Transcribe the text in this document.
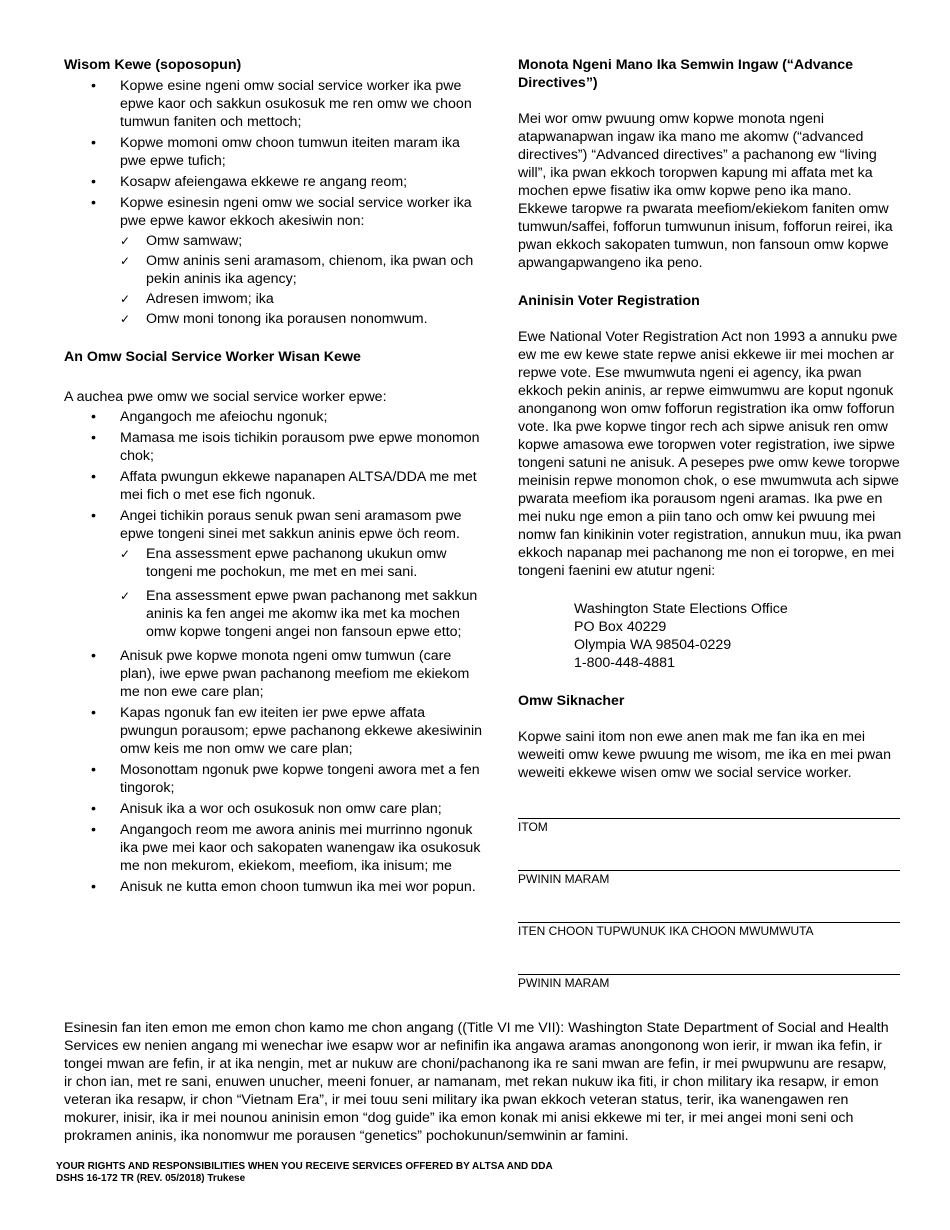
Wisom Kewe (soposopun)
• Kopwe esine ngeni omw social service worker ika pwe epwe kaor och sakkun osukosuk me ren omw we choon tumwun faniten och mettoch;
• Kopwe momoni omw choon tumwun iteiten maram ika pwe epwe tufich;
• Kosapw afeiengawa ekkewe re angang reom;
• Kopwe esinesin ngeni omw we social service worker ika pwe epwe kawor ekkoch akesiwin non:
✓ Omw samwaw;
✓ Omw aninis seni aramasom, chienom, ika pwan och pekin aninis ika agency;
✓ Adresen imwom; ika
✓ Omw moni tonong ika porausen nonomwum.
An Omw Social Service Worker Wisan Kewe

A auchea pwe omw we social service worker epwe:

• Angangoch me afeiochu ngonuk;
• Mamasa me isois tichikin porausom pwe epwe monomon chok;
• Affata pwungun ekkewe napanapen ALTSA/DDA me met mei fich o met ese fich ngonuk.
• Angei tichikin poraus senuk pwan seni aramasom pwe epwe tongeni sinei met sakkun aninis epwe öch reom.
✓ Ena assessment epwe pachanong ukukun omw tongeni me pochokun, me met en mei sani.
✓ Ena assessment epwe pwan pachanong met sakkun aninis ka fen angei me akomw ika met ka mochen omw kopwe tongeni angei non fansoun epwe etto;
• Anisuk pwe kopwe monota ngeni omw tumwun (care plan), iwe epwe pwan pachanong meefiom me ekiekom me non ewe care plan;
• Kapas ngonuk fan ew iteiten ier pwe epwe affata pwungun porausom; epwe pachanong ekkewe akesiwinin omw keis me non omw we care plan;
• Mosonottam ngonuk pwe kopwe tongeni awora met a fen tingorok;
• Anisuk ika a wor och osukosuk non omw care plan;
• Angangoch reom me awora aninis mei murrinno ngonuk ika pwe mei kaor och sakopaten wanengaw ika osukosuk me non mekurom, ekiekom, meefiom, ika inisum; me
• Anisuk ne kutta emon choon tumwun ika mei wor popun.
Monota Ngeni Mano Ika Semwin Ingaw (“Advance Directives”)

Mei wor omw pwuung omw kopwe monota ngeni atapwanapwan ingaw ika mano me akomw (“advanced directives”) “Advanced directives” a pachanong ew “living will”, ika pwan ekkoch toropwen kapung mi affata met ka mochen epwe fisatiw ika omw kopwe peno ika mano. Ekkewe taropwe ra pwarata meefiom/ekiekom faniten omw tumwun/saffei, fofforun tumwunun inisum, fofforun reirei, ika pwan ekkoch sakopaten tumwun, non fansoun omw kopwe apwangapwangeno ika peno.

Aninisin Voter Registration

Ewe National Voter Registration Act non 1993 a annuku pwe ew me ew kewe state repwe anisi ekkewe iir mei mochen ar repwe vote. Ese mwumwuta ngeni ei agency, ika pwan ekkoch pekin aninis, ar repwe eimwumwu are koput ngonuk anonganong won omw fofforun registration ika omw fofforun vote. Ika pwe kopwe tingor rech ach sipwe anisuk ren omw kopwe amasowa ewe toropwen voter registration, iwe sipwe tongeni satuni ne anisuk. A pesepes pwe omw kewe toropwe meinisin repwe monomon chok, o ese mwumwuta ach sipwe pwarata meefiom ika porausom ngeni aramas. Ika pwe en mei nuku nge emon a piin tano och omw kei pwuung mei nomw fan kinikinin voter registration, annukun muu, ika pwan ekkoch napanap mei pachanong me non ei toropwe, en mei tongeni faenini ew atutur ngeni:

Washington State Elections Office
PO Box 40229
Olympia WA 98504-0229
1-800-448-4881
Omw Siknacher

Kopwe saini itom non ewe anen mak me fan ika en mei weweiti omw kewe pwuung me wisom, me ika en mei pwan weweiti ekkewe wisen omw we social service worker.

ITOM
PWININ MARAM
ITEN CHOON TUPWUNUK IKA CHOON MWUMWUTA
PWININ MARAM

Esinesin fan iten emon me emon chon kamo me chon angang ((Title VI me VII): Washington State Department of Social and Health Services ew nenien angang mi wenechar iwe esapw wor ar nefinifin ika angawa aramas anongonong won ierir, ir mwan ika fefin, ir tongei mwan are fefin, ir at ika nengin, met ar nukuw are choni/pachanong ika re sani mwan are fefin, ir mei pwupwunu are resapw, ir chon ian, met re sani, enuwen unucher, meeni fonuer, ar namanam, met rekan nukuw ika fiti, ir chon military ika resapw, ir emon veteran ika resapw, ir chon “Vietnam Era”, ir mei touu seni military ika pwan ekkoch veteran status, terir, ika wanengawen ren mokurer, inisir, ika ir mei nounou aninisin emon “dog guide” ika emon konak mi anisi ekkewe mi ter, ir mei angei moni seni och prokramen aninis, ika nonomwur me porausen “genetics” pochokunun/semwinin ar famini.

YOUR RIGHTS AND RESPONSIBILITIES WHEN YOU RECEIVE SERVICES OFFERED BY ALTSA AND DDA
DSHS 16-172 TR (REV. 05/2018) Trukese
